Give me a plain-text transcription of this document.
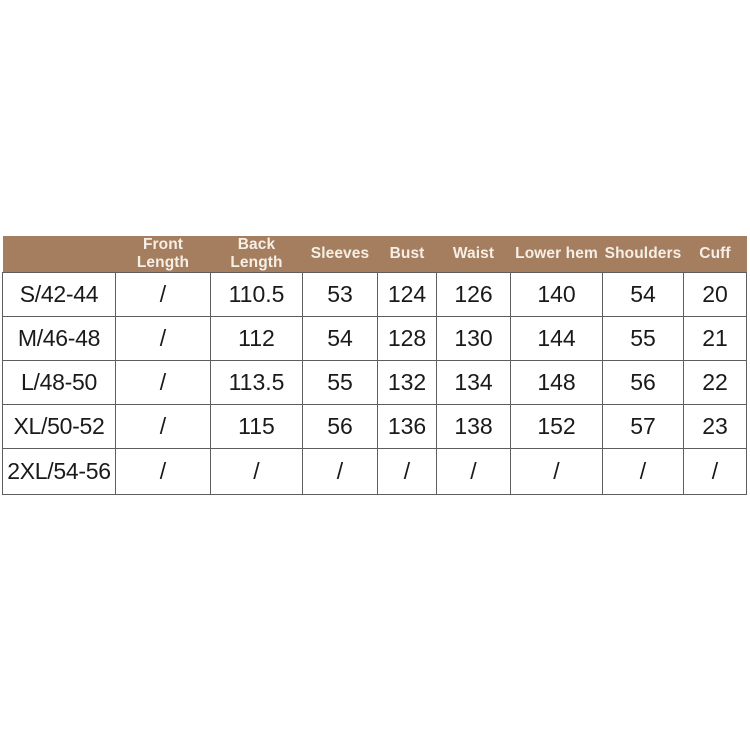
	Front Length	Back Length	Sleeves	Bust	Waist	Lower hem	Shoulders	Cuff
S/42-44	/	110.5	53	124	126	140	54	20
M/46-48	/	112	54	128	130	144	55	21
L/48-50	/	113.5	55	132	134	148	56	22
XL/50-52	/	115	56	136	138	152	57	23
2XL/54-56	/	/	/	/	/	/	/	/
